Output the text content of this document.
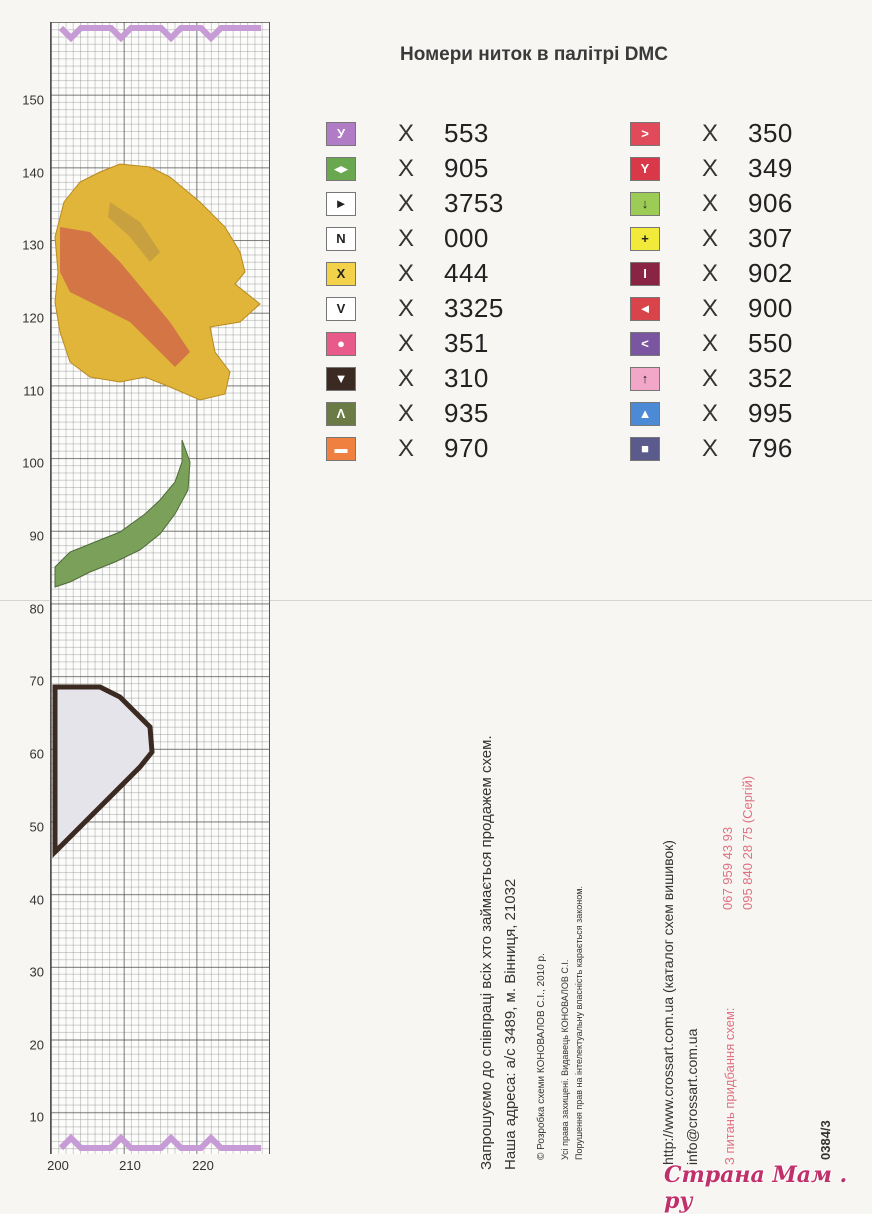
150
140
130
120
110
100
90
80
70
60
50
40
30
20
10
200	210	220
Номери ниток в палітрі DMC
У	X	553
◂▸	X	905
►	X	3753
N	X	000
X	X	444
V	X	3325
●	X	351
▼	X	310
Λ	X	935
▬	X	970
>	X	350
Y	X	349
↓	X	906
+	X	307
I	X	902
◄	X	900
<	X	550
↑	X	352
▲	X	995
■	X	796
Запрошуємо до співпраці всіх хто займається продажем схем. Наша адреса: а/с 3489, м. Вінниця, 21032 © Розробка схеми КОНОВАЛОВ С.І., 2010 р. Усі права захищені. Видавець КОНОВАЛОВ С.І. Порушення прав на інтелектуальну власність карається законом.	http://www.crossart.com.ua (каталог схем вишивок) info@crossart.com.ua З питань придбання схем:
067 959 43 93 095 840 28 75 (Сергій)
0384/3
Страна Мам . ру
